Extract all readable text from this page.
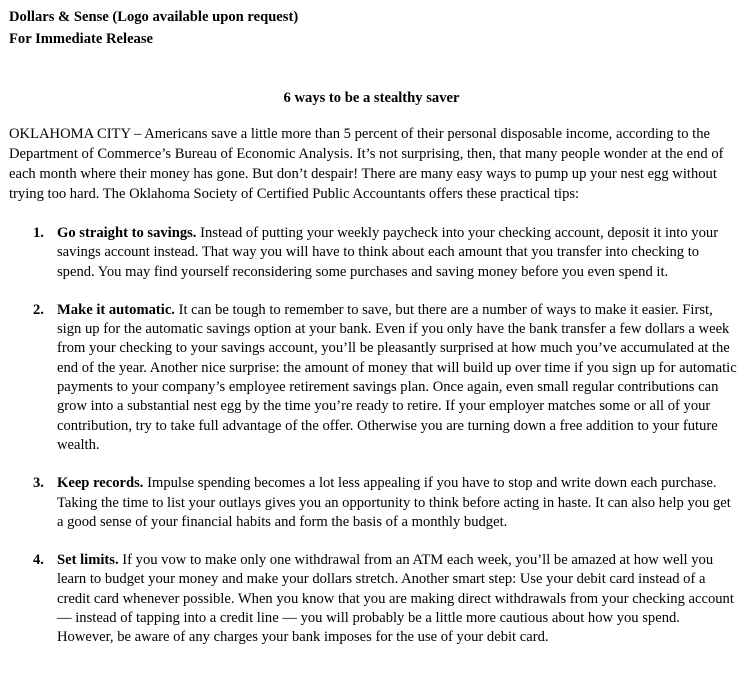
Dollars & Sense (Logo available upon request)

For Immediate Release

6 ways to be a stealthy saver

OKLAHOMA CITY – Americans save a little more than 5 percent of their personal disposable income, according to the Department of Commerce’s Bureau of Economic Analysis. It’s not surprising, then, that many people wonder at the end of each month where their money has gone. But don’t despair! There are many easy ways to pump up your nest egg without trying too hard. The Oklahoma Society of Certified Public Accountants offers these practical tips:

1. Go straight to savings. Instead of putting your weekly paycheck into your checking account, deposit it into your savings account instead. That way you will have to think about each amount that you transfer into checking to spend. You may find yourself reconsidering some purchases and saving money before you even spend it.
2. Make it automatic. It can be tough to remember to save, but there are a number of ways to make it easier. First, sign up for the automatic savings option at your bank. Even if you only have the bank transfer a few dollars a week from your checking to your savings account, you’ll be pleasantly surprised at how much you’ve accumulated at the end of the year. Another nice surprise: the amount of money that will build up over time if you sign up for automatic payments to your company’s employee retirement savings plan. Once again, even small regular contributions can grow into a substantial nest egg by the time you’re ready to retire. If your employer matches some or all of your contribution, try to take full advantage of the offer. Otherwise you are turning down a free addition to your future wealth.
3. Keep records. Impulse spending becomes a lot less appealing if you have to stop and write down each purchase. Taking the time to list your outlays gives you an opportunity to think before acting in haste. It can also help you get a good sense of your financial habits and form the basis of a monthly budget.
4. Set limits. If you vow to make only one withdrawal from an ATM each week, you’ll be amazed at how well you learn to budget your money and make your dollars stretch. Another smart step: Use your debit card instead of a credit card whenever possible. When you know that you are making direct withdrawals from your checking account — instead of tapping into a credit line — you will probably be a little more cautious about how you spend. However, be aware of any charges your bank imposes for the use of your debit card.
